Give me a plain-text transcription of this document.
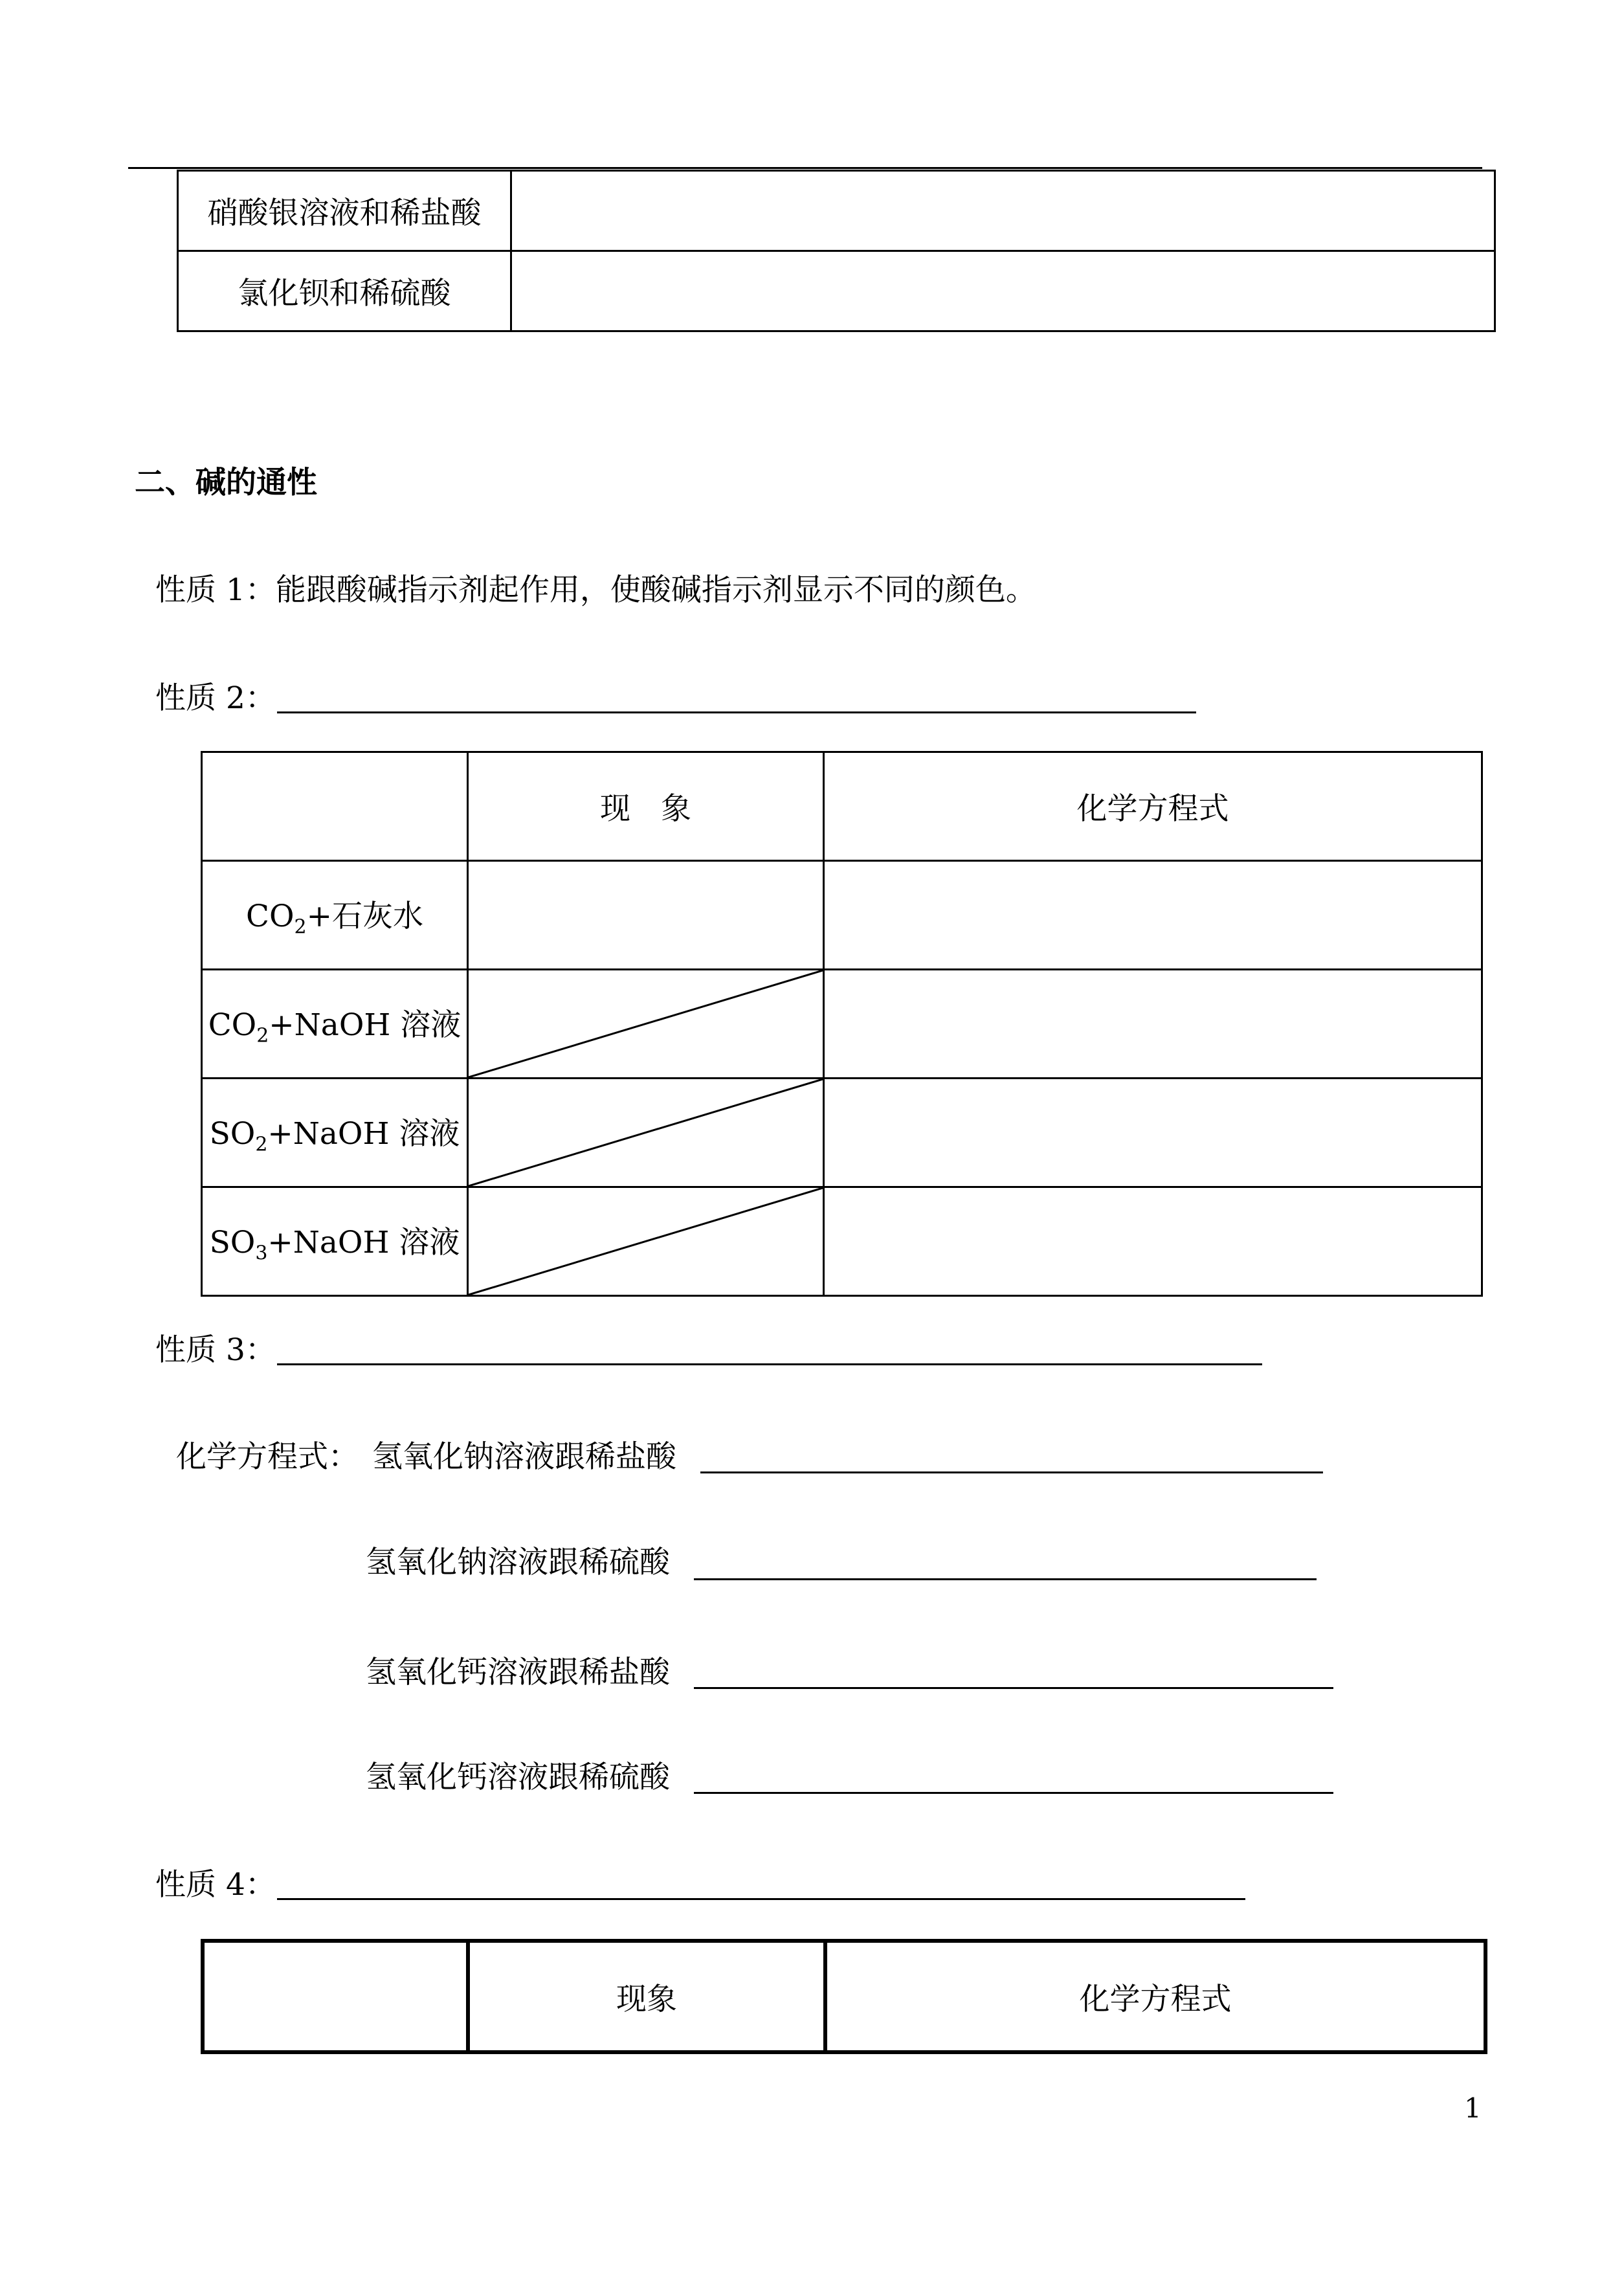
硝酸银溶液和稀盐酸	
氯化钡和稀硫酸	
二、碱的通性
性质 1：能跟酸碱指示剂起作用，使酸碱指示剂显示不同的颜色。
性质 2：
	现　象	化学方程式
$CO_2+$石灰水		
$CO_2+NaOH$ 溶液	

$SO_2+NaOH$ 溶液	

$SO_3+NaOH$ 溶液	

性质 3：
化学方程式： 氢氧化钠溶液跟稀盐酸
氢氧化钠溶液跟稀硫酸
氢氧化钙溶液跟稀盐酸
氢氧化钙溶液跟稀硫酸
性质 4：
	现象	化学方程式
1
